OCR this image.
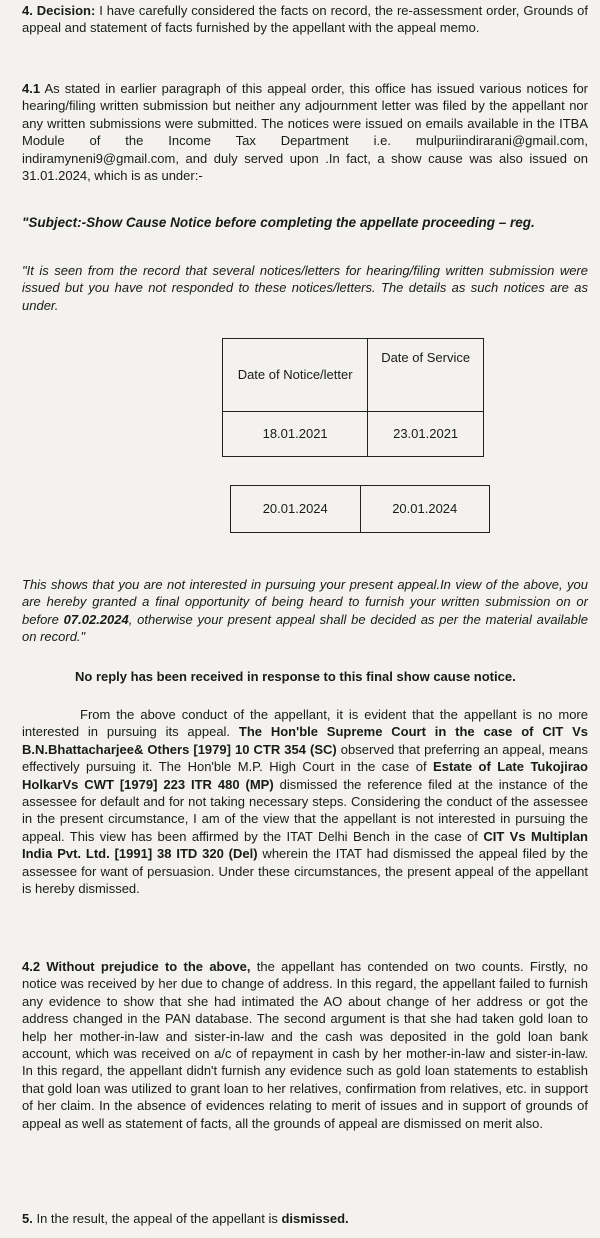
4. Decision: I have carefully considered the facts on record, the re-assessment order, Grounds of appeal and statement of facts furnished by the appellant with the appeal memo.

4.1 As stated in earlier paragraph of this appeal order, this office has issued various notices for hearing/filing written submission but neither any adjournment letter was filed by the appellant nor any written submissions were submitted. The notices were issued on emails available in the ITBA Module of the Income Tax Department i.e. mulpuriindirarani@gmail.com, indiramyneni9@gmail.com, and duly served upon .In fact, a show cause was also issued on 31.01.2024, which is as under:-

"Subject:-Show Cause Notice before completing the appellate proceeding – reg.

"It is seen from the record that several notices/letters for hearing/filing written submission were issued but you have not responded to these notices/letters. The details as such notices are as under.

Date of Notice/letter	Date of Service
18.01.2021	23.01.2021
20.01.2024	20.01.2024

This shows that you are not interested in pursuing your present appeal.In view of the above, you are hereby granted a final opportunity of being heard to furnish your written submission on or before 07.02.2024, otherwise your present appeal shall be decided as per the material available on record."

No reply has been received in response to this final show cause notice.

From the above conduct of the appellant, it is evident that the appellant is no more interested in pursuing its appeal. The Hon'ble Supreme Court in the case of CIT Vs B.N.Bhattacharjee& Others [1979] 10 CTR 354 (SC) observed that preferring an appeal, means effectively pursuing it. The Hon'ble M.P. High Court in the case of Estate of Late Tukojirao HolkarVs CWT [1979] 223 ITR 480 (MP) dismissed the reference filed at the instance of the assessee for default and for not taking necessary steps. Considering the conduct of the assessee in the present circumstance, I am of the view that the appellant is not interested in pursuing the appeal. This view has been affirmed by the ITAT Delhi Bench in the case of CIT Vs Multiplan India Pvt. Ltd. [1991] 38 ITD 320 (Del) wherein the ITAT had dismissed the appeal filed by the assessee for want of persuasion. Under these circumstances, the present appeal of the appellant is hereby dismissed.

4.2 Without prejudice to the above, the appellant has contended on two counts. Firstly, no notice was received by her due to change of address. In this regard, the appellant failed to furnish any evidence to show that she had intimated the AO about change of her address or got the address changed in the PAN database. The second argument is that she had taken gold loan to help her mother-in-law and sister-in-law and the cash was deposited in the gold loan bank account, which was received on a/c of repayment in cash by her mother-in-law and sister-in-law. In this regard, the appellant didn't furnish any evidence such as gold loan statements to establish that gold loan was utilized to grant loan to her relatives, confirmation from relatives, etc. in support of her claim. In the absence of evidences relating to merit of issues and in support of grounds of appeal as well as statement of facts, all the grounds of appeal are dismissed on merit also.

5. In the result, the appeal of the appellant is dismissed.
